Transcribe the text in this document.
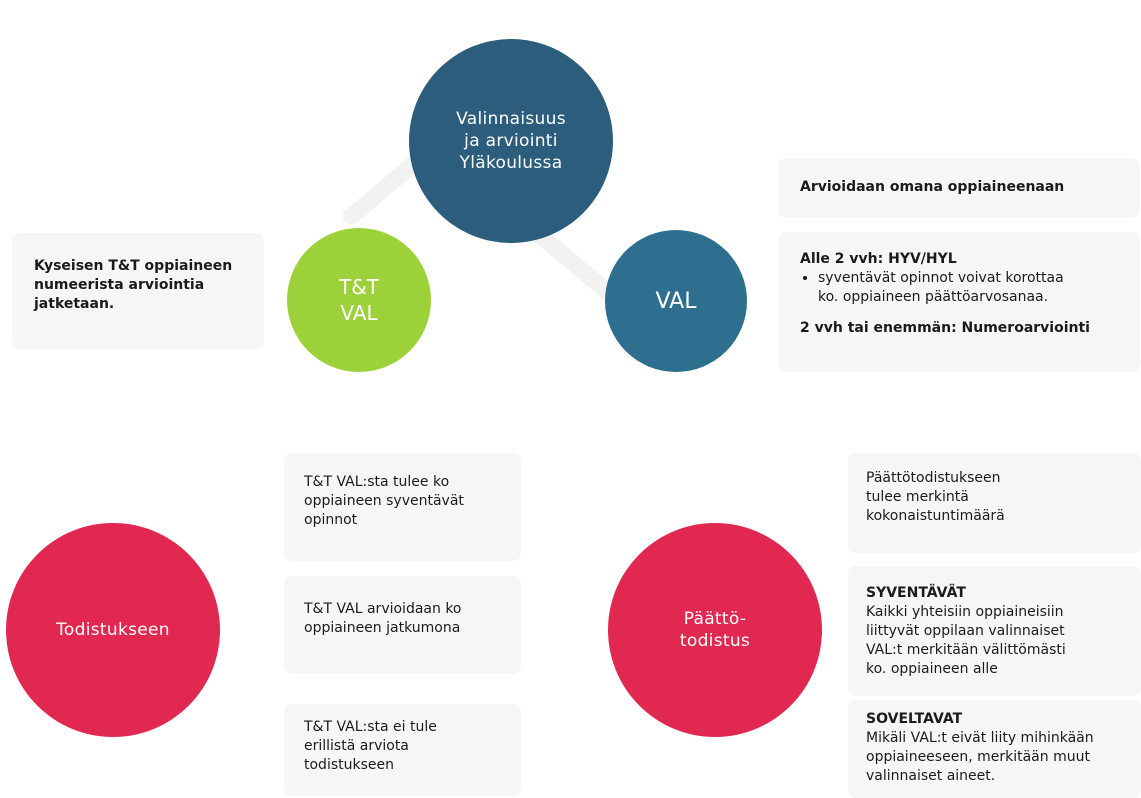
Valinnaisuus
ja arviointi
Yläkoulussa
T&T
VAL	VAL
Kyseisen T&T oppiaineen
numeerista arviointia
jatketaan.
Arvioidaan omana oppiaineenaan
Alle 2 vvh: HYV/HYL
• syventävät opinnot voivat korottaa
ko. oppiaineen päättöarvosanaa.
2 vvh tai enemmän: Numeroarviointi
Todistukseen
T&T VAL:sta tulee ko
oppiaineen syventävät
opinnot
T&T VAL arvioidaan ko
oppiaineen jatkumona
T&T VAL:sta ei tule
erillistä arviota
todistukseen
Päättö-
todistus
Päättötodistukseen
tulee merkintä
kokonaistuntimäärä
SYVENTÄVÄT
Kaikki yhteisiin oppiaineisiin
liittyvät oppilaan valinnaiset
VAL:t merkitään välittömästi
ko. oppiaineen alle
SOVELTAVAT
Mikäli VAL:t eivät liity mihinkään
oppiaineeseen, merkitään muut
valinnaiset aineet.
